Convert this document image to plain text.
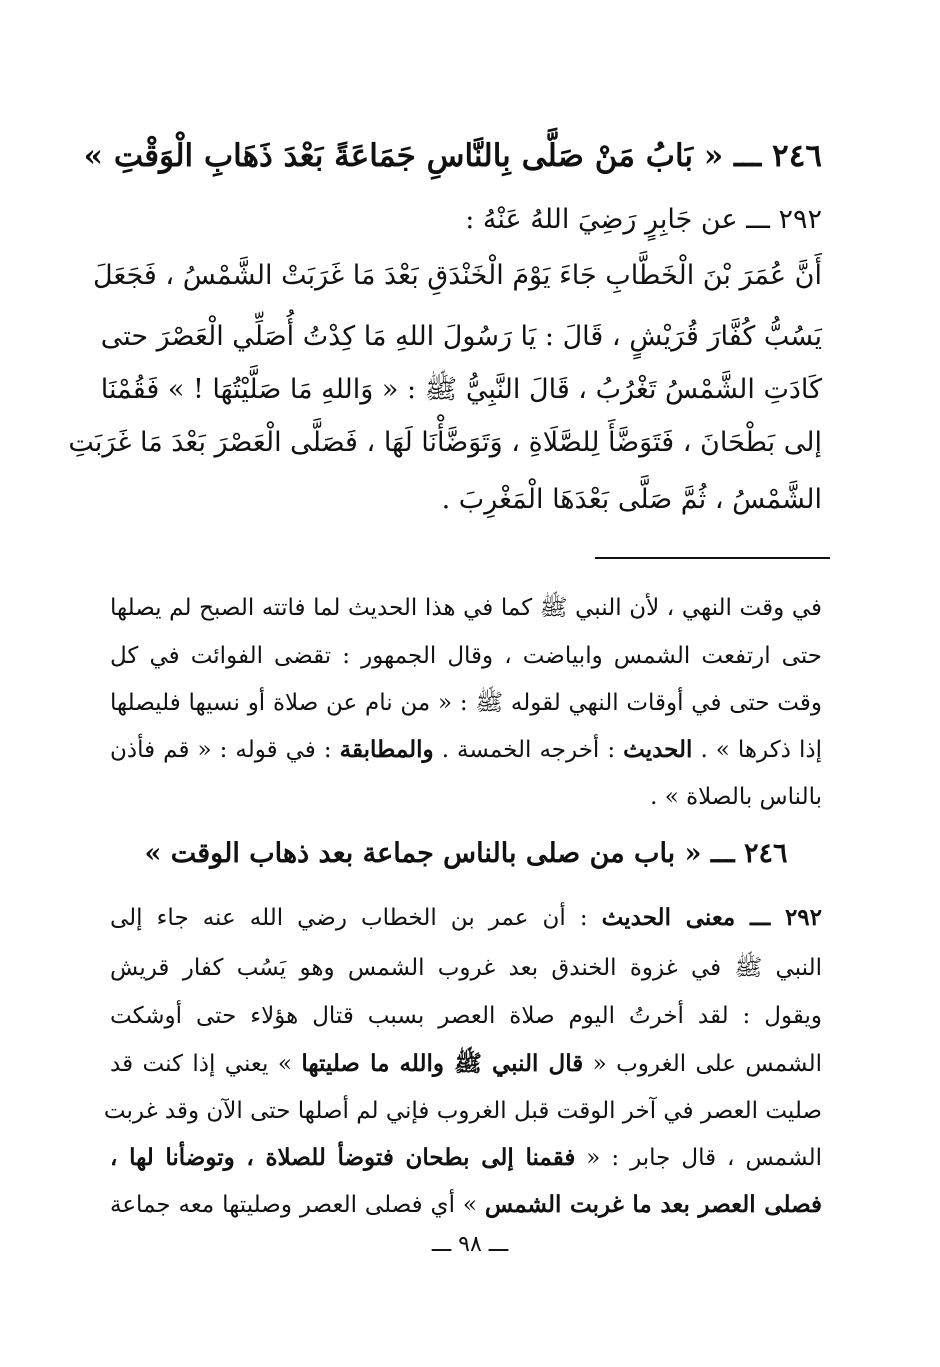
٢٤٦ ـــ « بَابُ مَنْ صَلَّى بِالنَّاسِ جَمَاعَةً بَعْدَ ذَهَابِ الْوَقْتِ »
٢٩٢ ـــ عن جَابِرٍ رَضِيَ اللهُ عَنْهُ :
أَنَّ عُمَرَ بْنَ الْخَطَّابِ جَاءَ يَوْمَ الْخَنْدَقِ بَعْدَ مَا غَرَبَتْ الشَّمْسُ ، فَجَعَلَ
يَسُبُّ كُفَّارَ قُرَيْشٍ ، قَالَ : يَا رَسُولَ اللهِ مَا كِدْتُ أُصَلِّي الْعَصْرَ حتى
كَادَتِ الشَّمْسُ تَغْرُبُ ، قَالَ النَّبِيُّ ﷺ : « وَاللهِ مَا صَلَّيْتُهَا ! » فَقُمْنَا
إلى بَطْحَانَ ، فَتَوَضَّأَ لِلصَّلَاةِ ، وَتَوَضَّأْنَا لَهَا ، فَصَلَّى الْعَصْرَ بَعْدَ مَا غَرَبَتِ
الشَّمْسُ ، ثُمَّ صَلَّى بَعْدَهَا الْمَغْرِبَ .
في وقت النهي ، لأن النبي ﷺ كما في هذا الحديث لما فاتته الصبح لم يصلها
حتى ارتفعت الشمس وابياضت ، وقال الجمهور : تقضى الفوائت في كل
وقت حتى في أوقات النهي لقوله ﷺ : « من نام عن صلاة أو نسيها فليصلها
إذا ذكرها » . الحديث : أخرجه الخمسة . والمطابقة : في قوله : « قم فأذن
بالناس بالصلاة » .
٢٤٦ ـــ « باب من صلى بالناس جماعة بعد ذهاب الوقت »
٢٩٢ ـــ معنى الحديث : أن عمر بن الخطاب رضي الله عنه جاء إلى
النبي ﷺ في غزوة الخندق بعد غروب الشمس وهو يَسُب كفار قريش
ويقول : لقد أخرتُ اليوم صلاة العصر بسبب قتال هؤلاء حتى أوشكت
الشمس على الغروب « قال النبي ﷺ والله ما صليتها » يعني إذا كنت قد
صليت العصر في آخر الوقت قبل الغروب فإني لم أصلها حتى الآن وقد غربت
الشمس ، قال جابر : « فقمنا إلى بطحان فتوضأ للصلاة ، وتوضأنا لها ،
فصلى العصر بعد ما غربت الشمس » أي فصلى العصر وصليتها معه جماعة
ـــ ٩٨ ـــ
